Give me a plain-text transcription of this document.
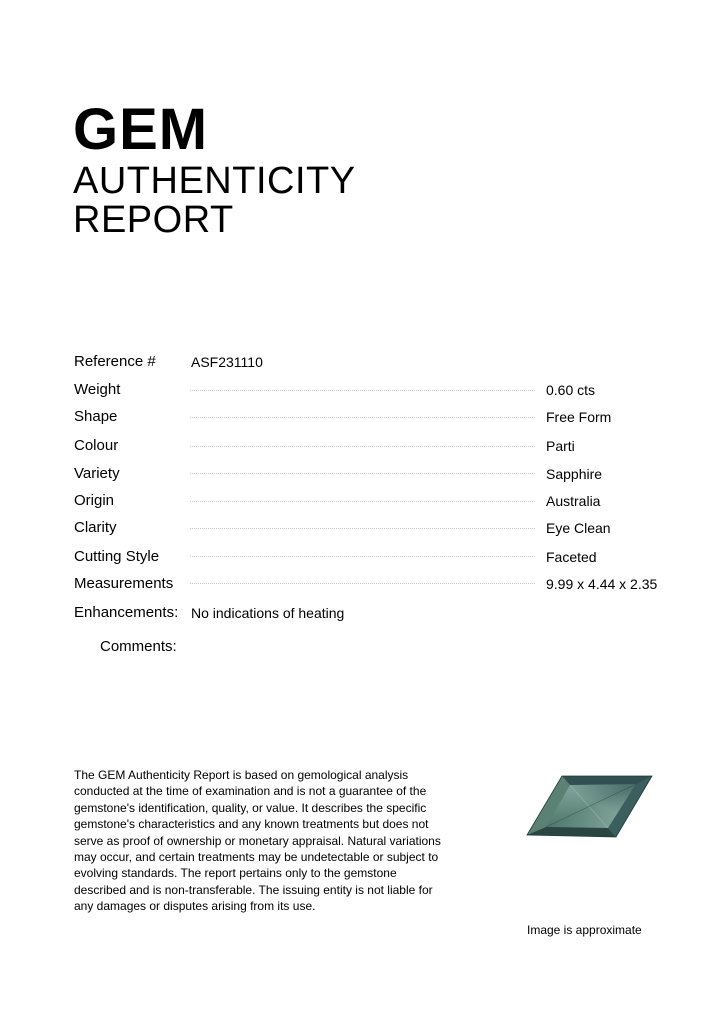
GEM
AUTHENTICITY
REPORT
Reference #	ASF231110
Weight	0.60 cts
Shape	Free Form
Colour	Parti
Variety	Sapphire
Origin	Australia
Clarity	Eye Clean
Cutting Style	Faceted
Measurements	9.99 x 4.44 x 2.35
Enhancements: No indications of heating
Comments:

The GEM Authenticity Report is based on gemological analysis conducted at the time of examination and is not a guarantee of the gemstone's identification, quality, or value. It describes the specific gemstone's characteristics and any known treatments but does not serve as proof of ownership or monetary appraisal. Natural variations may occur, and certain treatments may be undetectable or subject to evolving standards. The report pertains only to the gemstone described and is non-transferable. The issuing entity is not liable for any damages or disputes arising from its use.

Image is approximate
